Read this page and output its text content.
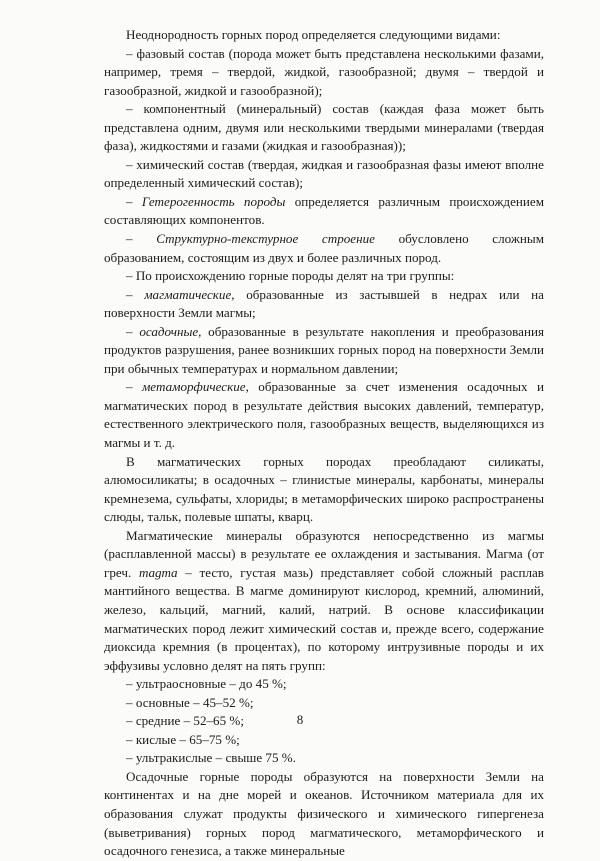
Неоднородность горных пород определяется следующими видами:

– фазовый состав (порода может быть представлена несколькими фазами, например, тремя – твердой, жидкой, газообразной; двумя – твердой и газообразной, жидкой и газообразной);

– компонентный (минеральный) состав (каждая фаза может быть представлена одним, двумя или несколькими твердыми минералами (твердая фаза), жидкостями и газами (жидкая и газообразная));

– химический состав (твердая, жидкая и газообразная фазы имеют вполне определенный химический состав);

– Гетерогенность породы определяется различным происхождением составляющих компонентов.

– Структурно-текстурное строение обусловлено сложным образованием, состоящим из двух и более различных пород.

– По происхождению горные породы делят на три группы:

– магматические, образованные из застывшей в недрах или на поверхности Земли магмы;

– осадочные, образованные в результате накопления и преобразования продуктов разрушения, ранее возникших горных пород на поверхности Земли при обычных температурах и нормальном давлении;

– метаморфические, образованные за счет изменения осадочных и магматических пород в результате действия высоких давлений, температур, естественного электрического поля, газообразных веществ, выделяющихся из магмы и т. д.

В магматических горных породах преобладают силикаты, алюмосиликаты; в осадочных – глинистые минералы, карбонаты, минералы кремнезема, сульфаты, хлориды; в метаморфических широко распространены слюды, тальк, полевые шпаты, кварц.

Магматические минералы образуются непосредственно из магмы (расплавленной массы) в результате ее охлаждения и застывания. Магма (от греч. magma – тесто, густая мазь) представляет собой сложный расплав мантийного вещества. В магме доминируют кислород, кремний, алюминий, железо, кальций, магний, калий, натрий. В основе классификации магматических пород лежит химический состав и, прежде всего, содержание диоксида кремния (в процентах), по которому интрузивные породы и их эффузивы условно делят на пять групп:

– ультраосновные – до 45 %;

– основные – 45–52 %;

– средние – 52–65 %;

– кислые – 65–75 %;

– ультракислые – свыше 75 %.

Осадочные горные породы образуются на поверхности Земли на континентах и на дне морей и океанов. Источником материала для их образования служат продукты физического и химического гипергенеза (выветривания) горных пород магматического, метаморфического и осадочного генезиса, а также минеральные

8
